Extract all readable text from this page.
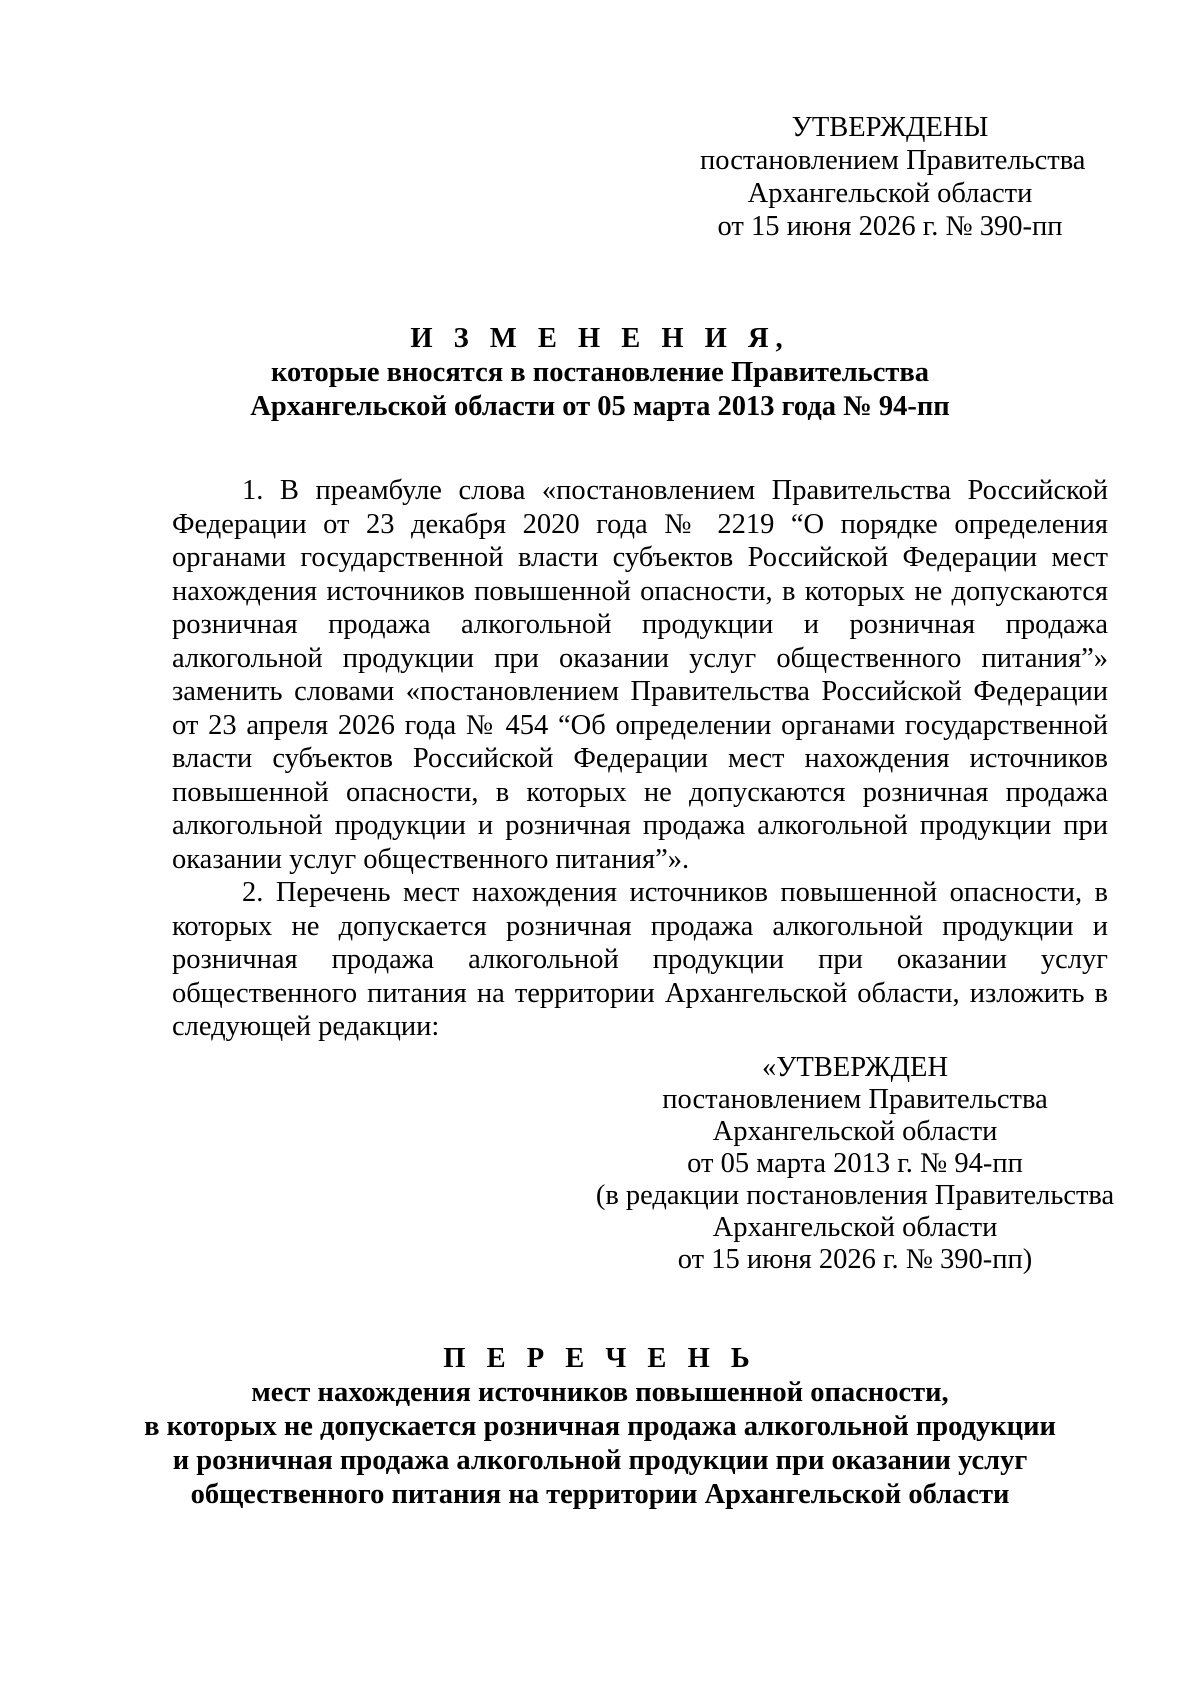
УТВЕРЖДЕНЫ
постановлением Правительства
Архангельской области
от 15 июня 2026 г. № 390-пп
И З М Е Н Е Н И Я,
которые вносятся в постановление Правительства
Архангельской области от 05 марта 2013 года № 94-пп

1. В преамбуле слова «постановлением Правительства Российской Федерации от 23 декабря 2020 года № 2219 “О порядке определения органами государственной власти субъектов Российской Федерации мест нахождения источников повышенной опасности, в которых не допускаются розничная продажа алкогольной продукции и розничная продажа алкогольной продукции при оказании услуг общественного питания”» заменить словами «постановлением Правительства Российской Федерации от 23 апреля 2026 года № 454 “Об определении органами государственной власти субъектов Российской Федерации мест нахождения источников повышенной опасности, в которых не допускаются розничная продажа алкогольной продукции и розничная продажа алкогольной продукции при оказании услуг общественного питания”».

2. Перечень мест нахождения источников повышенной опасности, в которых не допускается розничная продажа алкогольной продукции и розничная продажа алкогольной продукции при оказании услуг общественного питания на территории Архангельской области, изложить в следующей редакции:

«УТВЕРЖДЕН
постановлением Правительства
Архангельской области
от 05 марта 2013 г. № 94-пп
(в редакции постановления Правительства
Архангельской области
от 15 июня 2026 г. № 390-пп)
П Е Р Е Ч Е Н Ь
мест нахождения источников повышенной опасности,
в которых не допускается розничная продажа алкогольной продукции
и розничная продажа алкогольной продукции при оказании услуг
общественного питания на территории Архангельской области
